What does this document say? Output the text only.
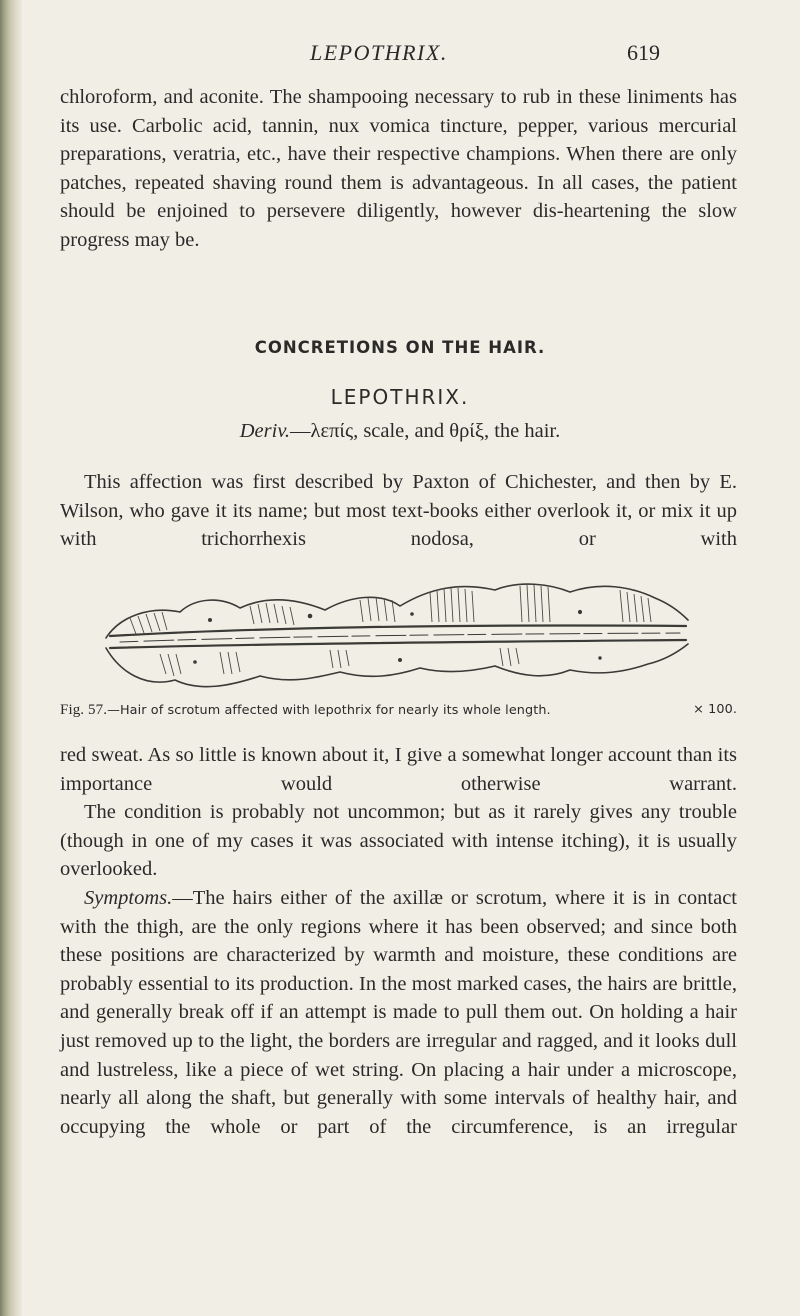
LEPOTHRIX.	619

chloroform, and aconite. The shampooing necessary to rub in these liniments has its use. Carbolic acid, tannin, nux vomica tincture, pepper, various mercurial preparations, veratria, etc., have their respective champions. When there are only patches, repeated shaving round them is advantageous. In all cases, the patient should be enjoined to persevere diligently, however dis-heartening the slow progress may be.

CONCRETIONS ON THE HAIR.
LEPOTHRIX.
Deriv.—λεπίς, scale, and θρίξ, the hair.

This affection was first described by Paxton of Chichester, and then by E. Wilson, who gave it its name; but most text-books either overlook it, or mix it up with trichorrhexis nodosa, or with

Fig. 57.—Hair of scrotum affected with lepothrix for nearly its whole length.	× 100.

red sweat. As so little is known about it, I give a somewhat longer account than its importance would otherwise warrant.

The condition is probably not uncommon; but as it rarely gives any trouble (though in one of my cases it was associated with intense itching), it is usually overlooked.

Symptoms.—The hairs either of the axillæ or scrotum, where it is in contact with the thigh, are the only regions where it has been observed; and since both these positions are characterized by warmth and moisture, these conditions are probably essential to its production. In the most marked cases, the hairs are brittle, and generally break off if an attempt is made to pull them out. On holding a hair just removed up to the light, the borders are irregular and ragged, and it looks dull and lustreless, like a piece of wet string. On placing a hair under a microscope, nearly all along the shaft, but generally with some intervals of healthy hair, and occupying the whole or part of the circumference, is an irregular
